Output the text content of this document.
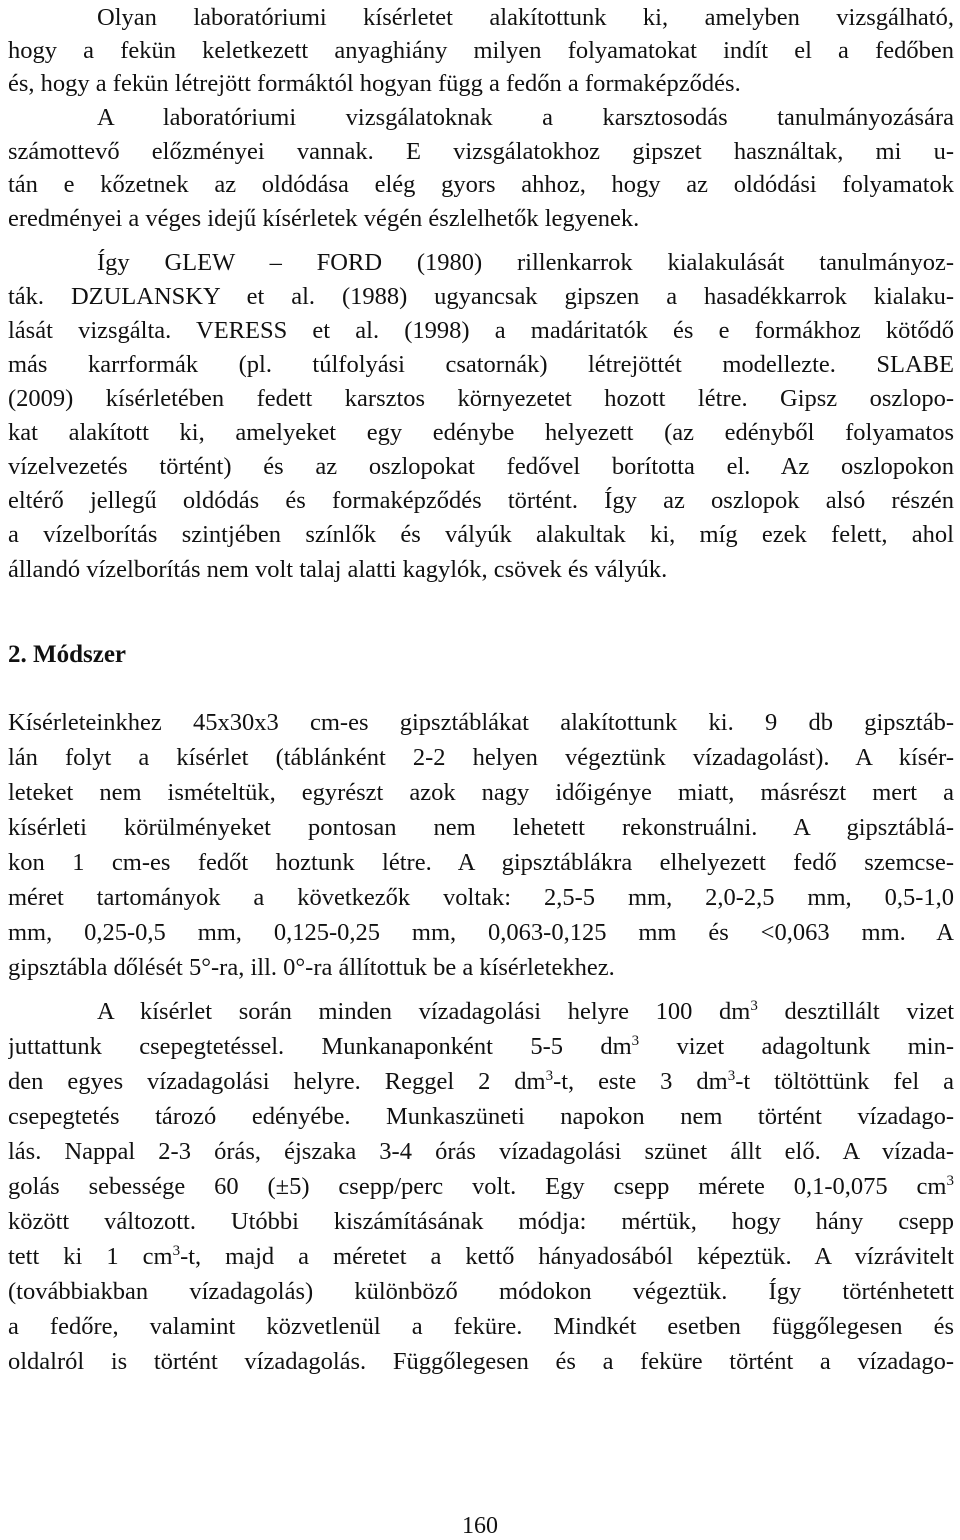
Olyan laboratóriumi kísérletet alakítottunk ki, amelyben vizsgálható,
hogy a fekün keletkezett anyaghiány milyen folyamatokat indít el a fedőben
és, hogy a fekün létrejött formáktól hogyan függ a fedőn a formaképződés.
A laboratóriumi vizsgálatoknak a karsztosodás tanulmányozására
számottevő előzményei vannak. E vizsgálatokhoz gipszet használtak, mi u-
tán e kőzetnek az oldódása elég gyors ahhoz, hogy az oldódási folyamatok
eredményei a véges idejű kísérletek végén észlelhetők legyenek.
Így GLEW – FORD (1980) rillenkarrok kialakulását tanulmányoz-
ták. DZULANSKY et al. (1988) ugyancsak gipszen a hasadékkarrok kialaku-
lását vizsgálta. VERESS et al. (1998) a madáritatók és e formákhoz kötődő
más karrformák (pl. túlfolyási csatornák) létrejöttét modellezte. SLABE
(2009) kísérletében fedett karsztos környezetet hozott létre. Gipsz oszlopo-
kat alakított ki, amelyeket egy edénybe helyezett (az edényből folyamatos
vízelvezetés történt) és az oszlopokat fedővel borította el. Az oszlopokon
eltérő jellegű oldódás és formaképződés történt. Így az oszlopok alsó részén
a vízelborítás szintjében színlők és vályúk alakultak ki, míg ezek felett, ahol
állandó vízelborítás nem volt talaj alatti kagylók, csövek és vályúk.
2. Módszer
Kísérleteinkhez 45x30x3 cm-es gipsztáblákat alakítottunk ki. 9 db gipsztáb-
lán folyt a kísérlet (táblánként 2-2 helyen végeztünk vízadagolást). A kísér-
leteket nem ismételtük, egyrészt azok nagy időigénye miatt, másrészt mert a
kísérleti körülményeket pontosan nem lehetett rekonstruálni. A gipsztáblá-
kon 1 cm-es fedőt hoztunk létre. A gipsztáblákra elhelyezett fedő szemcse-
méret tartományok a következők voltak: 2,5-5 mm, 2,0-2,5 mm, 0,5-1,0
mm, 0,25-0,5 mm, 0,125-0,25 mm, 0,063-0,125 mm és <0,063 mm. A
gipsztábla dőlését 5°-ra, ill. 0°-ra állítottuk be a kísérletekhez.
A kísérlet során minden vízadagolási helyre 100 $dm^3$ desztillált vizet
juttattunk csepegtetéssel. Munkanaponként 5-5 $dm^3$ vizet adagoltunk min-
den egyes vízadagolási helyre. Reggel 2 $dm^3-t$, este 3 $dm^3-t$ töltöttünk fel a
csepegtetés tározó edényébe. Munkaszüneti napokon nem történt vízadago-
lás. Nappal 2-3 órás, éjszaka 3-4 órás vízadagolási szünet állt elő. A vízada-
golás sebessége 60 (±5) csepp/perc volt. Egy csepp mérete 0,1-0,075 $cm^3$
között változott. Utóbbi kiszámításának módja: mértük, hogy hány csepp
tett ki 1 $cm^3-t$, majd a méretet a kettő hányadosából képeztük. A vízrávitelt
(továbbiakban vízadagolás) különböző módokon végeztük. Így történhetett
a fedőre, valamint közvetlenül a feküre. Mindkét esetben függőlegesen és
oldalról is történt vízadagolás. Függőlegesen és a feküre történt a vízadago-
160
